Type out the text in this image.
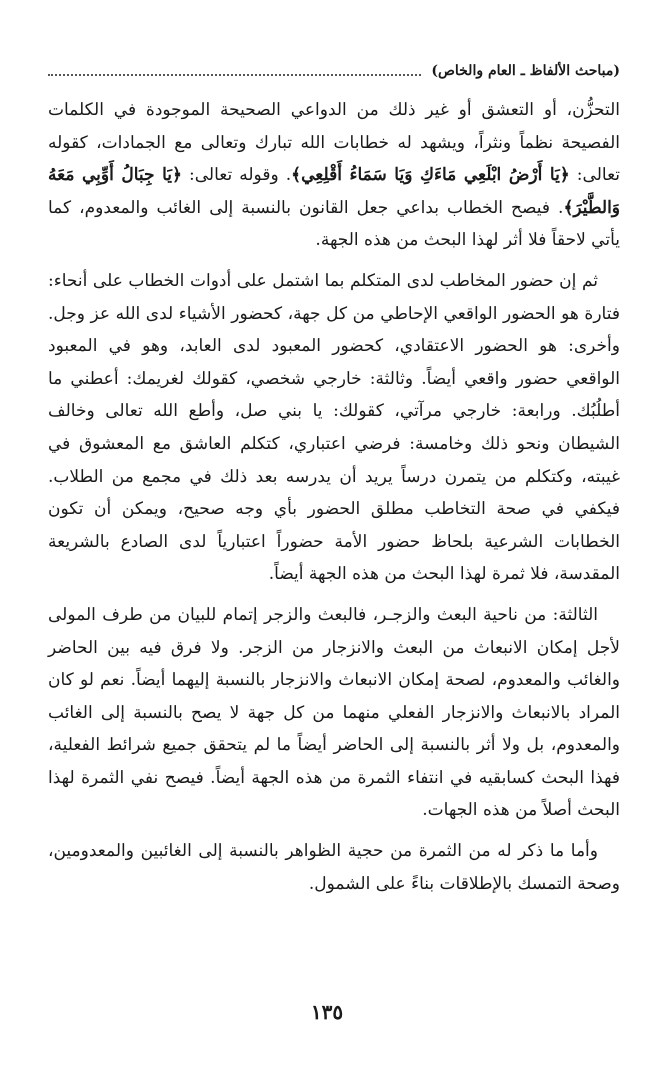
(مباحث الألفاظ ـ العام والخاص)

التحزُّن، أو التعشق أو غير ذلك من الدواعي الصحيحة الموجودة في الكلمات الفصيحة نظماً ونثراً، ويشهد له خطابات الله تبارك وتعالى مع الجمادات، كقوله تعالى: ﴿يَا أَرْضُ ابْلَعِي مَاءَكِ وَيَا سَمَاءُ أَقْلِعِي﴾. وقوله تعالى: ﴿يَا جِبَالُ أَوِّبِي مَعَهُ وَالطَّيْرَ﴾. فيصح الخطاب بداعي جعل القانون بالنسبة إلى الغائب والمعدوم، كما يأتي لاحقاً فلا أثر لهذا البحث من هذه الجهة.

ثم إن حضور المخاطب لدى المتكلم بما اشتمل على أدوات الخطاب على أنحاء: فتارة هو الحضور الواقعي الإحاطي من كل جهة، كحضور الأشياء لدى الله عز وجل. وأخرى: هو الحضور الاعتقادي، كحضور المعبود لدى العابد، وهو في المعبود الواقعي حضور واقعي أيضاً. وثالثة: خارجي شخصي، كقولك لغريمك: أعطني ما أطلُبُك. ورابعة: خارجي مرآتي، كقولك: يا بني صل، وأطع الله تعالى وخالف الشيطان ونحو ذلك وخامسة: فرضي اعتباري، كتكلم العاشق مع المعشوق في غيبته، وكتكلم من يتمرن درساً يريد أن يدرسه بعد ذلك في مجمع من الطلاب. فيكفي في صحة التخاطب مطلق الحضور بأي وجه صحيح، ويمكن أن تكون الخطابات الشرعية بلحاظ حضور الأمة حضوراً اعتبارياً لدى الصادع بالشريعة المقدسة، فلا ثمرة لهذا البحث من هذه الجهة أيضاً.

الثالثة: من ناحية البعث والزجـر، فالبعث والزجر إتمام للبيان من طرف المولى لأجل إمكان الانبعاث من البعث والانزجار من الزجر. ولا فرق فيه بين الحاضر والغائب والمعدوم، لصحة إمكان الانبعاث والانزجار بالنسبة إليهما أيضاً. نعم لو كان المراد بالانبعاث والانزجار الفعلي منهما من كل جهة لا يصح بالنسبة إلى الغائب والمعدوم، بل ولا أثر بالنسبة إلى الحاضر أيضاً ما لم يتحقق جميع شرائط الفعلية، فهذا البحث كسابقيه في انتفاء الثمرة من هذه الجهة أيضاً. فيصح نفي الثمرة لهذا البحث أصلاً من هذه الجهات.

وأما ما ذكر له من الثمرة من حجية الظواهر بالنسبة إلى الغائبين والمعدومين، وصحة التمسك بالإطلاقات بناءً على الشمول.

١٣٥
